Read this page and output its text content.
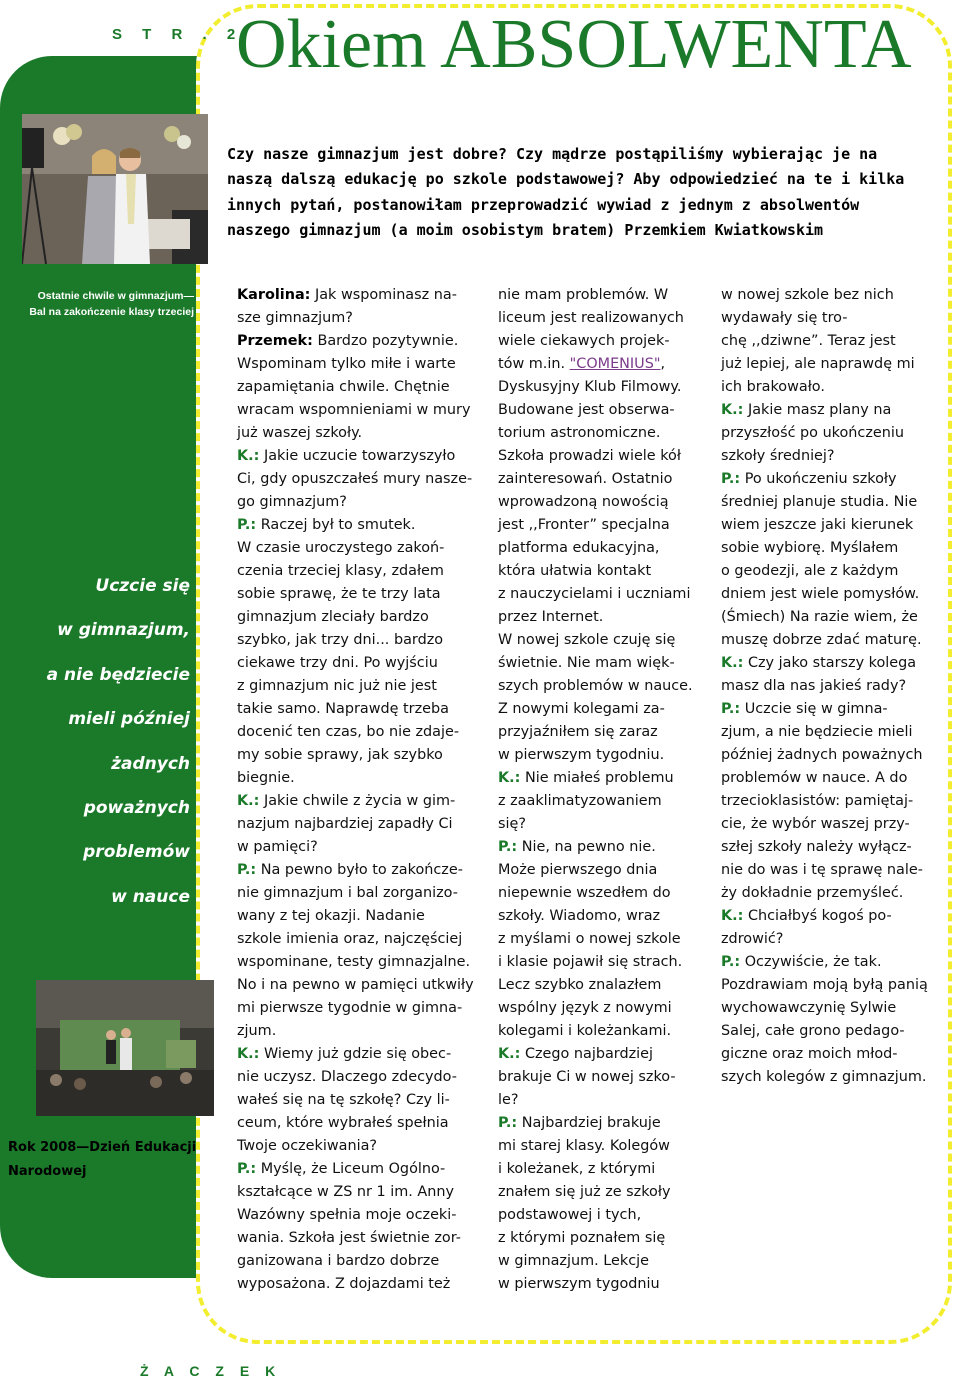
S T R . 2
Okiem ABSOLWENTA
Ostatnie chwile w gimnazjum—
Bal na zakończenie klasy trzeciej
Uczcie się
w gimnazjum,
a nie będziecie
mieli później
żadnych
poważnych
problemów
w nauce
Rok 2008—Dzień Edukacji
Narodowej
Czy nasze gimnazjum jest dobre? Czy mądrze postąpiliśmy wybierając je na
naszą dalszą edukację po szkole podstawowej? Aby odpowiedzieć na te i kilka
innych pytań, postanowiłam przeprowadzić wywiad z jednym z absolwentów
naszego gimnazjum (a moim osobistym bratem) Przemkiem Kwiatkowskim
Karolina: Jak wspominasz na-
sze gimnazjum?
Przemek: Bardzo pozytywnie.
Wspominam tylko miłe i warte
zapamiętania chwile. Chętnie
wracam wspomnieniami w mury
już waszej szkoły.
K.: Jakie uczucie towarzyszyło
Ci, gdy opuszczałeś mury nasze-
go gimnazjum?
P.: Raczej był to smutek.
W czasie uroczystego zakoń-
czenia trzeciej klasy, zdałem
sobie sprawę, że te trzy lata
gimnazjum zleciały bardzo
szybko, jak trzy dni... bardzo
ciekawe trzy dni. Po wyjściu
z gimnazjum nic już nie jest
takie samo. Naprawdę trzeba
docenić ten czas, bo nie zdaje-
my sobie sprawy, jak szybko
biegnie.
K.: Jakie chwile z życia w gim-
nazjum najbardziej zapadły Ci
w pamięci?
P.: Na pewno było to zakończe-
nie gimnazjum i bal zorganizo-
wany z tej okazji. Nadanie
szkole imienia oraz, najczęściej
wspominane, testy gimnazjalne.
No i na pewno w pamięci utkwiły
mi pierwsze tygodnie w gimna-
zjum.
K.: Wiemy już gdzie się obec-
nie uczysz. Dlaczego zdecydo-
wałeś się na tę szkołę? Czy li-
ceum, które wybrałeś spełnia
Twoje oczekiwania?
P.: Myślę, że Liceum Ogólno-
kształcące w ZS nr 1 im. Anny
Wazówny spełnia moje oczeki-
wania. Szkoła jest świetnie zor-
ganizowana i bardzo dobrze
wyposażona. Z dojazdami też
nie mam problemów. W
liceum jest realizowanych
wiele ciekawych projek-
tów m.in. "COMENIUS",
Dyskusyjny Klub Filmowy.
Budowane jest obserwa-
torium astronomiczne.
Szkoła prowadzi wiele kół
zainteresowań. Ostatnio
wprowadzoną nowością
jest ,,Fronter” specjalna
platforma edukacyjna,
która ułatwia kontakt
z nauczycielami i uczniami
przez Internet.
W nowej szkole czuję się
świetnie. Nie mam więk-
szych problemów w nauce.
Z nowymi kolegami za-
przyjaźniłem się zaraz
w pierwszym tygodniu.
K.: Nie miałeś problemu
z zaaklimatyzowaniem
się?
P.: Nie, na pewno nie.
Może pierwszego dnia
niepewnie wszedłem do
szkoły. Wiadomo, wraz
z myślami o nowej szkole
i klasie pojawił się strach.
Lecz szybko znalazłem
wspólny język z nowymi
kolegami i koleżankami.
K.: Czego najbardziej
brakuje Ci w nowej szko-
le?
P.: Najbardziej brakuje
mi starej klasy. Kolegów
i koleżanek, z którymi
znałem się już ze szkoły
podstawowej i tych,
z którymi poznałem się
w gimnazjum. Lekcje
w pierwszym tygodniu
w nowej szkole bez nich
wydawały się tro-
chę ,,dziwne”. Teraz jest
już lepiej, ale naprawdę mi
ich brakowało.
K.: Jakie masz plany na
przyszłość po ukończeniu
szkoły średniej?
P.: Po ukończeniu szkoły
średniej planuje studia. Nie
wiem jeszcze jaki kierunek
sobie wybiorę. Myślałem
o geodezji, ale z każdym
dniem jest wiele pomysłów.
(Śmiech) Na razie wiem, że
muszę dobrze zdać maturę.
K.: Czy jako starszy kolega
masz dla nas jakieś rady?
P.: Uczcie się w gimna-
zjum, a nie będziecie mieli
później żadnych poważnych
problemów w nauce. A do
trzecioklasistów: pamiętaj-
cie, że wybór waszej przy-
szłej szkoły należy wyłącz-
nie do was i tę sprawę nale-
ży dokładnie przemyśleć.
K.: Chciałbyś kogoś po-
zdrowić?
P.: Oczywiście, że tak.
Pozdrawiam moją byłą panią
wychowawczynię Sylwie
Salej, całe grono pedago-
giczne oraz moich młod-
szych kolegów z gimnazjum.
Ż A C Z E K
